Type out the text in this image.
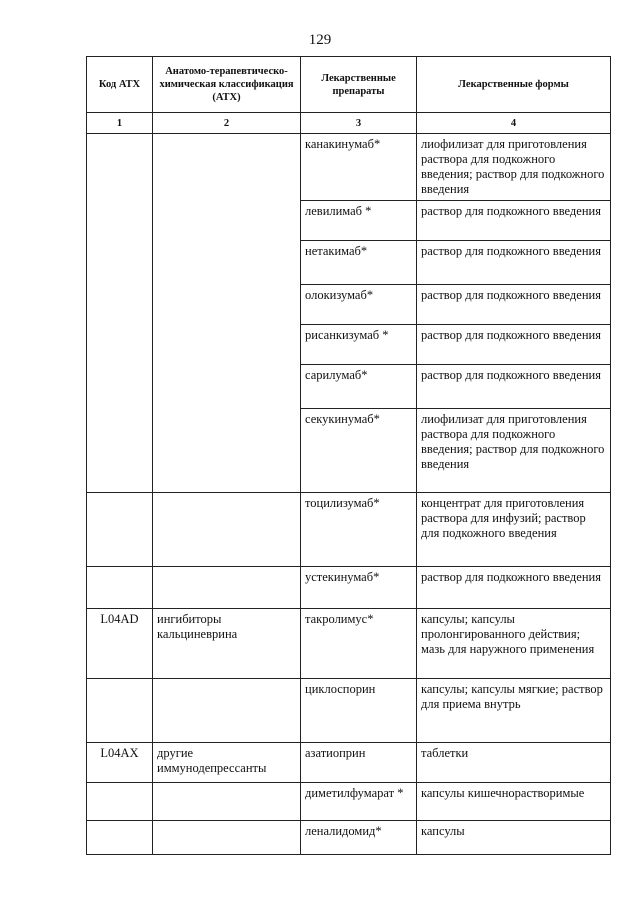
129
Код АТХ	Анатомо-терапевтическо-химическая классификация (АТХ)	Лекарственные препараты	Лекарственные формы
1	2	3	4
		канакинумаб*	лиофилизат для приготовления раствора для подкожного введения; раствор для подкожного введения
		левилимаб *	раствор для подкожного введения
		нетакимаб*	раствор для подкожного введения
		олокизумаб*	раствор для подкожного введения
		рисанкизумаб *	раствор для подкожного введения
		сарилумаб*	раствор для подкожного введения
		секукинумаб*	лиофилизат для приготовления раствора для подкожного введения; раствор для подкожного введения
		тоцилизумаб*	концентрат для приготовления раствора для инфузий; раствор для подкожного введения
		устекинумаб*	раствор для подкожного введения
L04AD	ингибиторы кальциневрина	такролимус*	капсулы; капсулы пролонгированного действия; мазь для наружного применения
		циклоспорин	капсулы; капсулы мягкие; раствор для приема внутрь
L04AX	другие иммунодепрессанты	азатиоприн	таблетки
		диметилфумарат *	капсулы кишечнорастворимые
		леналидомид*	капсулы
